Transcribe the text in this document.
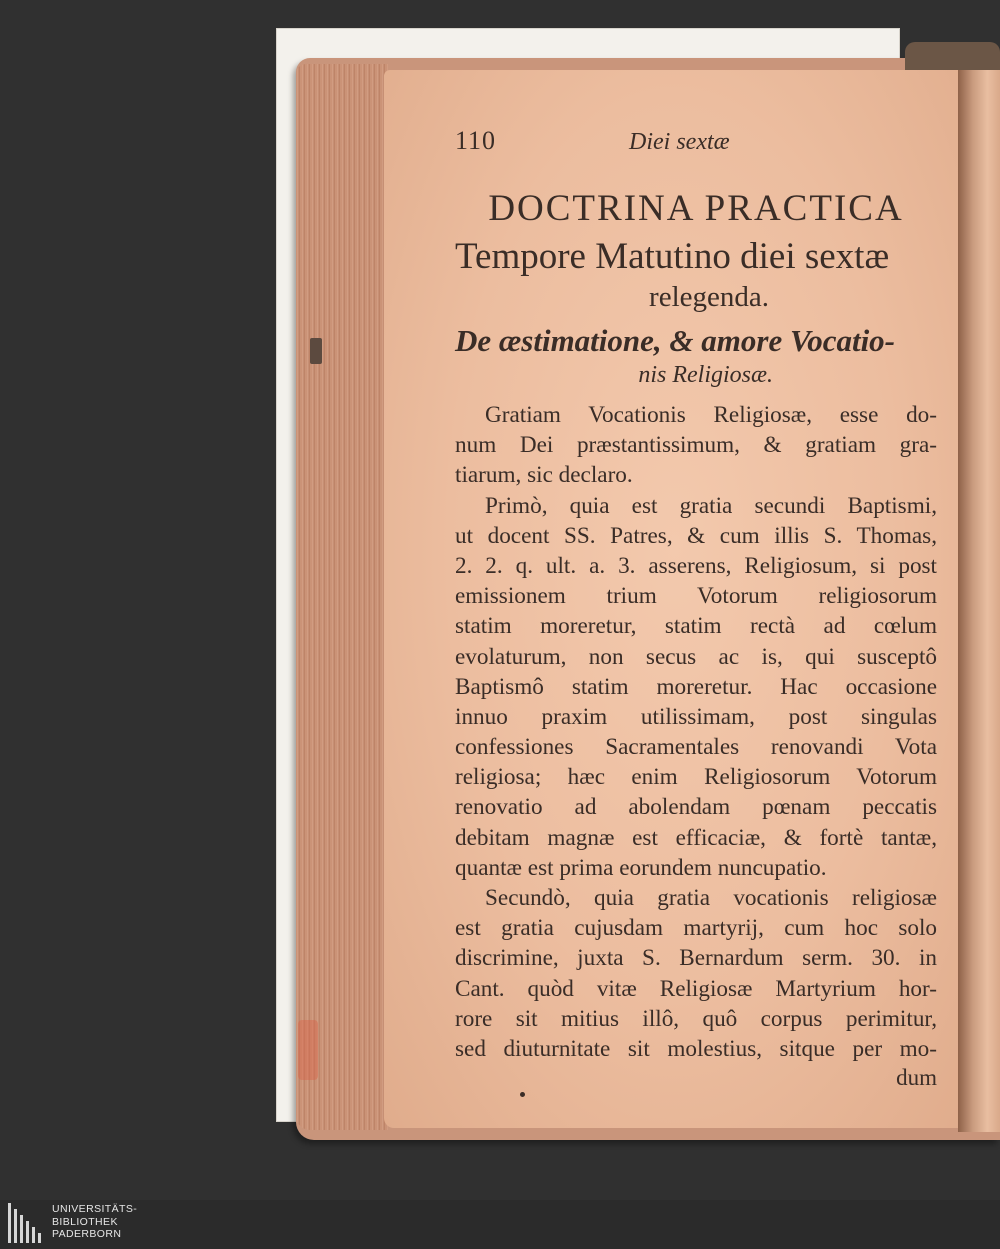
110	Diei sextæ
DOCTRINA PRACTICA
Tempore Matutino diei sextæ
relegenda.
De æstimatione, & amore Vocatio-
nis Religiosæ.
Gratiam Vocationis Religiosæ, esse do-
num Dei præstantissimum, & gratiam gra-
tiarum, sic declaro.
Primò, quia est gratia secundi Baptismi,
ut docent SS. Patres, & cum illis S. Thomas,
2. 2. q. ult. a. 3. asserens, Religiosum, si post
emissionem trium Votorum religiosorum
statim moreretur, statim rectà ad cœlum
evolaturum, non secus ac is, qui susceptô
Baptismô statim moreretur. Hac occasione
innuo praxim utilissimam, post singulas
confessiones Sacramentales renovandi Vota
religiosa; hæc enim Religiosorum Votorum
renovatio ad abolendam pœnam peccatis
debitam magnæ est efficaciæ, & fortè tantæ,
quantæ est prima eorundem nuncupatio.
Secundò, quia gratia vocationis religiosæ
est gratia cujusdam martyrij, cum hoc solo
discrimine, juxta S. Bernardum serm. 30. in
Cant. quòd vitæ Religiosæ Martyrium hor-
rore sit mitius illô, quô corpus perimitur,
sed diuturnitate sit molestius, sitque per mo-
dum
UNIVERSITÄTS-
BIBLIOTHEK
PADERBORN
